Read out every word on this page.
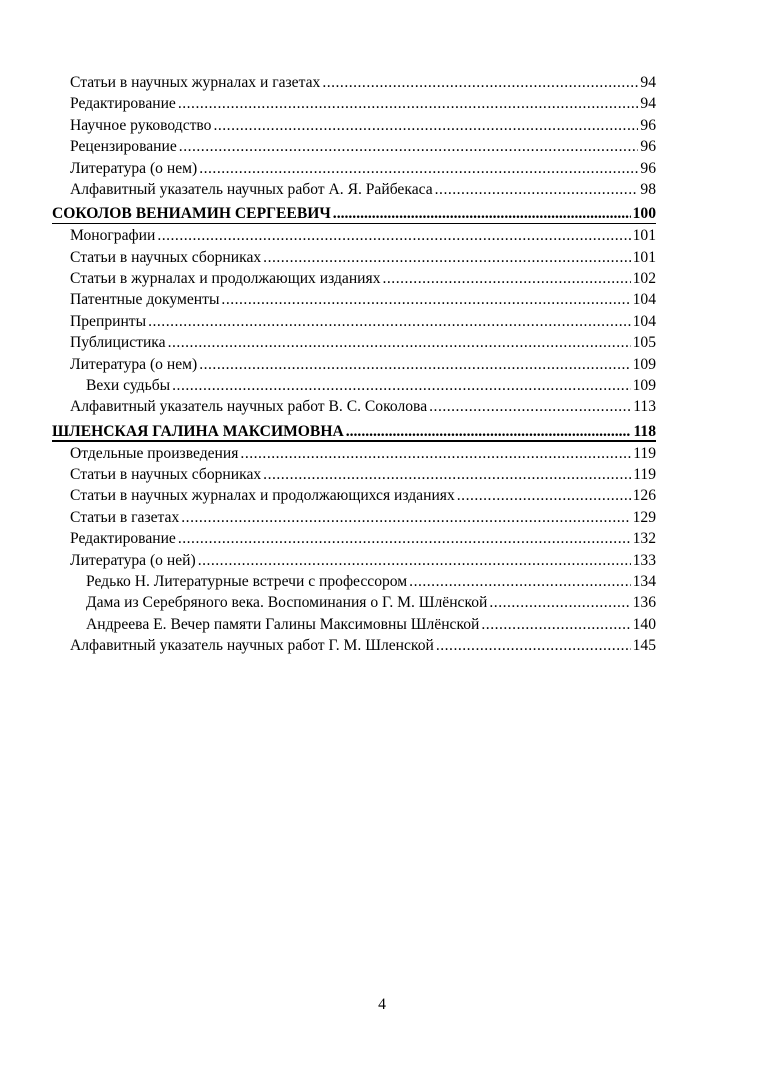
Статьи в научных журналах и газетах .....	94
Редактирование .....	94
Научное руководство .....	96
Рецензирование .....	96
Литература (о нем) .....	96
Алфавитный указатель научных работ А. Я. Райбекаса .....	98
СОКОЛОВ ВЕНИАМИН СЕРГЕЕВИЧ .....	100
Монографии .....	101
Статьи в научных сборниках .....	101
Статьи в журналах и продолжающих изданиях .....	102
Патентные документы .....	104
Препринты .....	104
Публицистика .....	105
Литература (о нем) .....	109
Вехи судьбы .....	109
Алфавитный указатель научных работ В. С. Соколова .....	113
ШЛЕНСКАЯ ГАЛИНА МАКСИМОВНА .....	118
Отдельные произведения .....	119
Статьи в научных сборниках .....	119
Статьи в научных журналах и продолжающихся изданиях .....	126
Статьи в газетах .....	129
Редактирование .....	132
Литература (о ней) .....	133
Редько Н. Литературные встречи с профессором .....	134
Дама из Серебряного века. Воспоминания о Г. М. Шлёнской .....	136
Андреева Е. Вечер памяти Галины Максимовны Шлёнской .....	140
Алфавитный указатель научных работ Г. М. Шленской .....	145
4
